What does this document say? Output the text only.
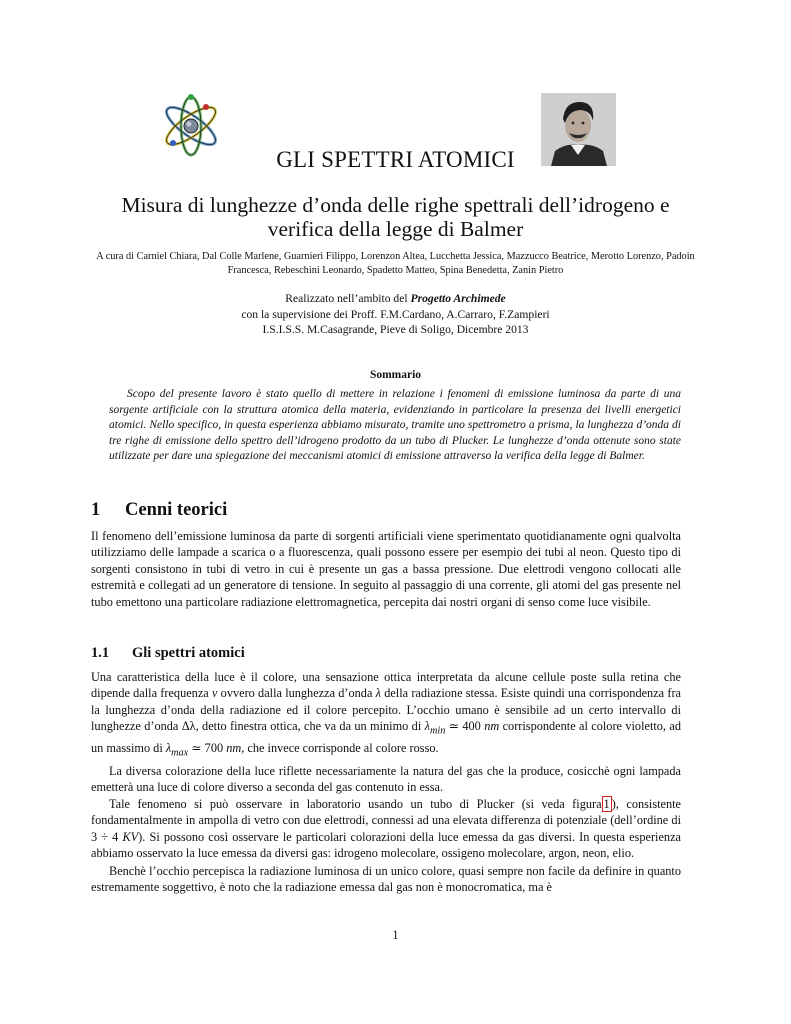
GLI SPETTRI ATOMICI
Misura di lunghezze d’onda delle righe spettrali dell’idrogeno e verifica della legge di Balmer
A cura di Carniel Chiara, Dal Colle Marlene, Guarnieri Filippo, Lorenzon Altea, Lucchetta Jessica, Mazzucco Beatrice, Merotto Lorenzo, Padoin Francesca, Rebeschini Leonardo, Spadetto Matteo, Spina Benedetta, Zanin Pietro
Realizzato nell’ambito del Progetto Archimede
con la supervisione dei Proff. F.M.Cardano, A.Carraro, F.Zampieri
I.S.I.S.S. M.Casagrande, Pieve di Soligo, Dicembre 2013
Sommario
Scopo del presente lavoro è stato quello di mettere in relazione i fenomeni di emissione luminosa da parte di una sorgente artificiale con la struttura atomica della materia, evidenziando in particolare la presenza dei livelli energetici atomici. Nello specifico, in questa esperienza abbiamo misurato, tramite uno spettrometro a prisma, la lunghezza d’onda di tre righe di emissione dello spettro dell’idrogeno prodotto da un tubo di Plucker. Le lunghezze d’onda ottenute sono state utilizzate per dare una spiegazione dei meccanismi atomici di emissione attraverso la verifica della legge di Balmer.
1 Cenni teorici
Il fenomeno dell’emissione luminosa da parte di sorgenti artificiali viene sperimentato quotidianamente ogni qualvolta utilizziamo delle lampade a scarica o a fluorescenza, quali possono essere per esempio dei tubi al neon. Questo tipo di sorgenti consistono in tubi di vetro in cui è presente un gas a bassa pressione. Due elettrodi vengono collocati alle estremità e collegati ad un generatore di tensione. In seguito al passaggio di una corrente, gli atomi del gas presente nel tubo emettono una particolare radiazione elettromagnetica, percepita dai nostri organi di senso come luce visibile.
1.1 Gli spettri atomici
Una caratteristica della luce è il colore, una sensazione ottica interpretata da alcune cellule poste sulla retina che dipende dalla frequenza ν ovvero dalla lunghezza d’onda λ della radiazione stessa. Esiste quindi una corrispondenza fra la lunghezza d’onda della radiazione ed il colore percepito. L’occhio umano è sensibile ad un certo intervallo di lunghezze d’onda Δλ, detto finestra ottica, che va da un minimo di $\lambda_{min}$ ≃ 400 nm corrispondente al colore violetto, ad un massimo di $\lambda_{max}$ ≃ 700 nm, che invece corrisponde al colore rosso.
La diversa colorazione della luce riflette necessariamente la natura del gas che la produce, cosicchè ogni lampada emetterà una luce di colore diverso a seconda del gas contenuto in essa.
Tale fenomeno si può osservare in laboratorio usando un tubo di Plucker (si veda figura 1 ), consistente fondamentalmente in ampolla di vetro con due elettrodi, connessi ad una elevata differenza di potenziale (dell’ordine di 3 ÷ 4 KV). Si possono così osservare le particolari colorazioni della luce emessa da gas diversi. In questa esperienza abbiamo osservato la luce emessa da diversi gas: idrogeno molecolare, ossigeno molecolare, argon, neon, elio.
Benchè l’occhio percepisca la radiazione luminosa di un unico colore, quasi sempre non facile da definire in quanto estremamente soggettivo, è noto che la radiazione emessa dal gas non è monocromatica, ma è
1
